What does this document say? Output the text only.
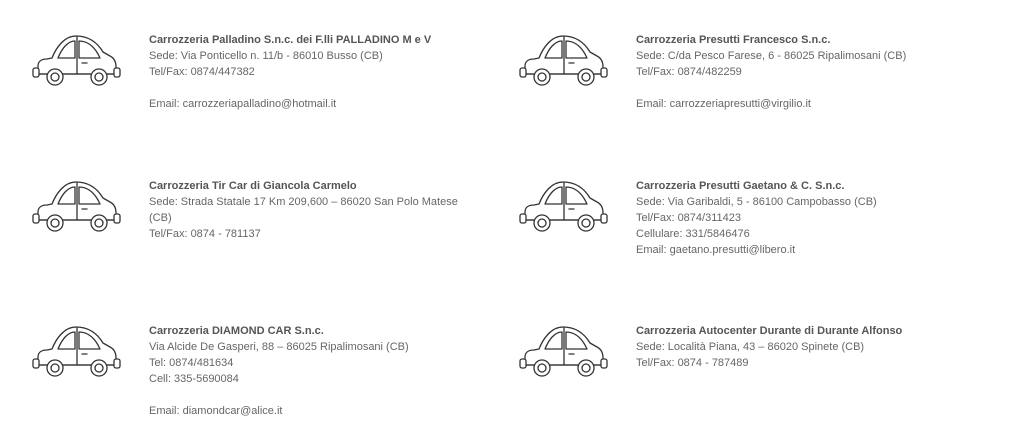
Carrozzeria Palladino S.n.c. dei F.lli PALLADINO M e V
Sede: Via Ponticello n. 11/b - 86010 Busso (CB)
Tel/Fax: 0874/447382
Email: carrozzeriapalladino@hotmail.it
Carrozzeria Presutti Francesco S.n.c.
Sede: C/da Pesco Farese, 6 - 86025 Ripalimosani (CB)
Tel/Fax: 0874/482259
Email: carrozzeriapresutti@virgilio.it
Carrozzeria Tir Car di Giancola Carmelo
Sede: Strada Statale 17 Km 209,600 – 86020 San Polo Matese
(CB)
Tel/Fax: 0874 - 781137
Carrozzeria Presutti Gaetano & C. S.n.c.
Sede: Via Garibaldi, 5 - 86100 Campobasso (CB)
Tel/Fax: 0874/311423
Cellulare: 331/5846476
Email: gaetano.presutti@libero.it
Carrozzeria DIAMOND CAR S.n.c.
Via Alcide De Gasperi, 88 – 86025 Ripalimosani (CB)
Tel: 0874/481634
Cell: 335-5690084
Email: diamondcar@alice.it
Carrozzeria Autocenter Durante di Durante Alfonso
Sede: Località Piana, 43 – 86020 Spinete (CB)
Tel/Fax: 0874 - 787489
